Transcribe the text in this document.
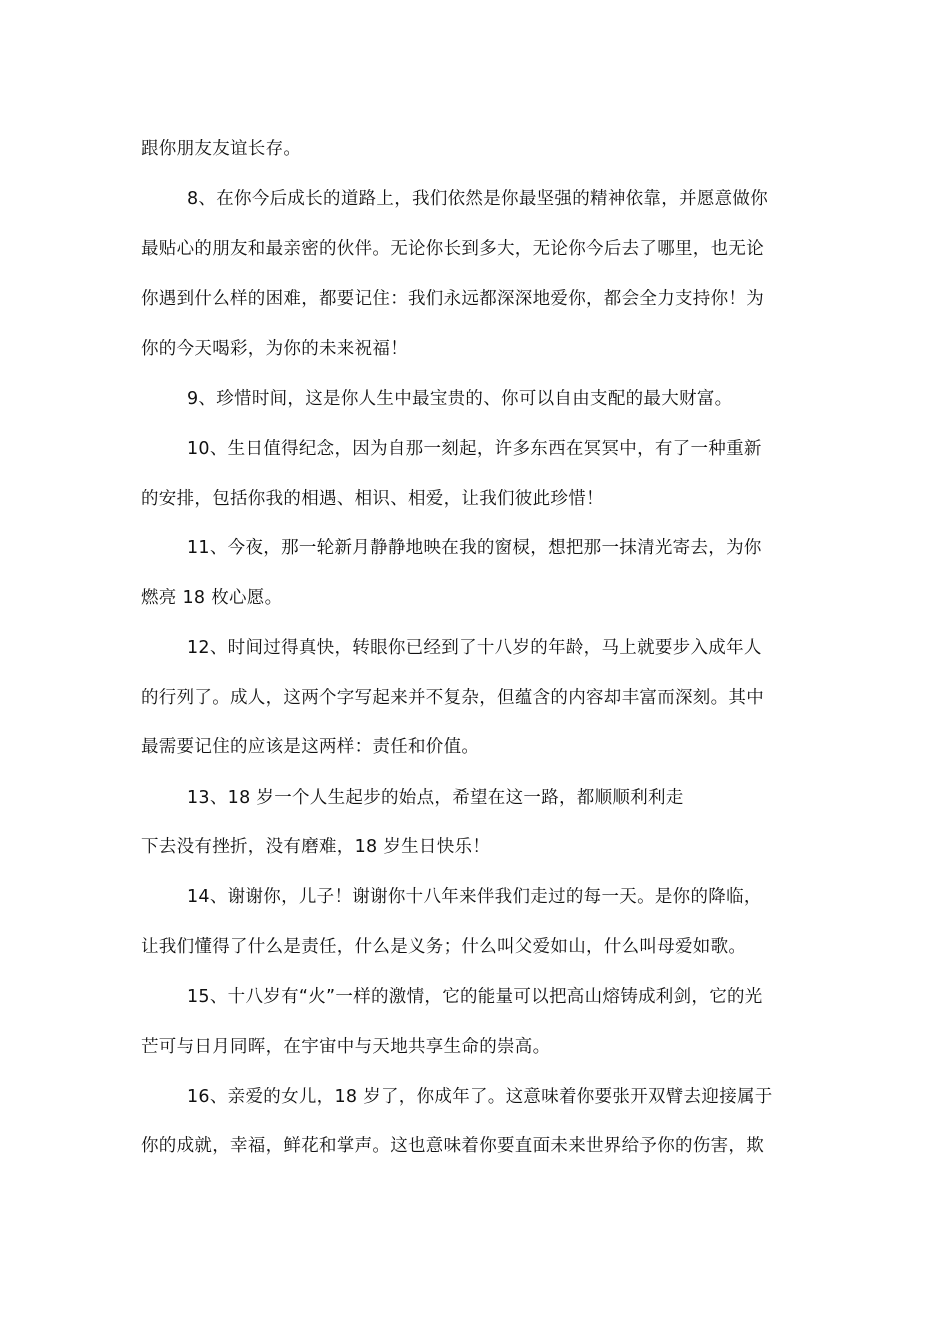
跟你朋友友谊长存。
8、在你今后成长的道路上，我们依然是你最坚强的精神依靠，并愿意做你
最贴心的朋友和最亲密的伙伴。无论你长到多大，无论你今后去了哪里，也无论
你遇到什么样的困难，都要记住：我们永远都深深地爱你，都会全力支持你！为
你的今天喝彩，为你的未来祝福！
9、珍惜时间，这是你人生中最宝贵的、你可以自由支配的最大财富。
10、生日值得纪念，因为自那一刻起，许多东西在冥冥中，有了一种重新
的安排，包括你我的相遇、相识、相爱，让我们彼此珍惜！
11、今夜，那一轮新月静静地映在我的窗棂，想把那一抹清光寄去，为你
燃亮 18 枚心愿。
12、时间过得真快，转眼你已经到了十八岁的年龄，马上就要步入成年人
的行列了。成人，这两个字写起来并不复杂，但蕴含的内容却丰富而深刻。其中
最需要记住的应该是这两样：责任和价值。
13、18 岁一个人生起步的始点，希望在这一路，都顺顺利利走
下去没有挫折，没有磨难，18 岁生日快乐！
14、谢谢你，儿子！谢谢你十八年来伴我们走过的每一天。是你的降临，
让我们懂得了什么是责任，什么是义务；什么叫父爱如山，什么叫母爱如歌。
15、十八岁有“火”一样的激情，它的能量可以把高山熔铸成利剑，它的光
芒可与日月同晖，在宇宙中与天地共享生命的崇高。
16、亲爱的女儿，18 岁了，你成年了。这意味着你要张开双臂去迎接属于
你的成就，幸福，鲜花和掌声。这也意味着你要直面未来世界给予你的伤害，欺
